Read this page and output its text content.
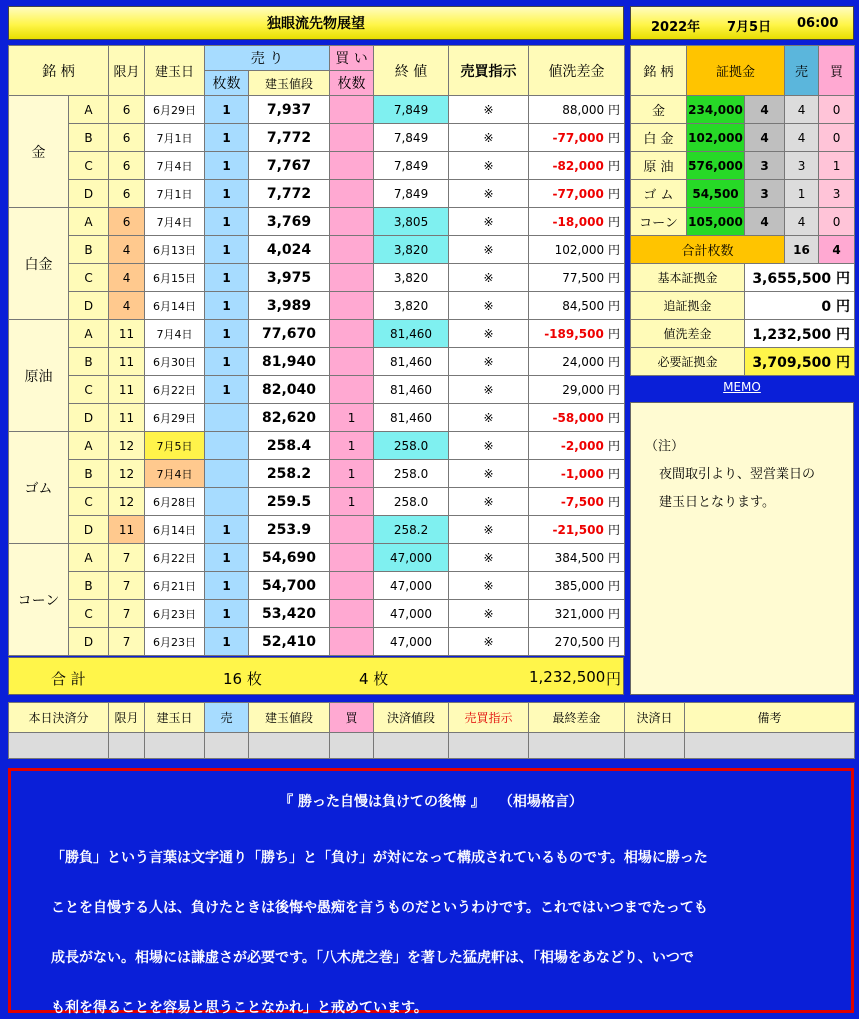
独眼流先物展望	2022年 7月5日 06:00
銘 柄		限月	建玉日	売 り		買 い	終 値	売買指示	値洗差金
				枚数	建玉値段	枚数			
金	A	6	6月29日	1	7,937		7,849	※	88,000 円
	B	6	7月1日	1	7,772		7,849	※	-77,000 円
	C	6	7月4日	1	7,767		7,849	※	-82,000 円
	D	6	7月1日	1	7,772		7,849	※	-77,000 円
白金	A	6	7月4日	1	3,769		3,805	※	-18,000 円
	B	4	6月13日	1	4,024		3,820	※	102,000 円
	C	4	6月15日	1	3,975		3,820	※	77,500 円
	D	4	6月14日	1	3,989		3,820	※	84,500 円
原油	A	11	7月4日	1	77,670		81,460	※	-189,500 円
	B	11	6月30日	1	81,940		81,460	※	24,000 円
	C	11	6月22日	1	82,040		81,460	※	29,000 円
	D	11	6月29日		82,620	1	81,460	※	-58,000 円
ゴム	A	12	7月5日		258.4	1	258.0	※	-2,000 円
	B	12	7月4日		258.2	1	258.0	※	-1,000 円
	C	12	6月28日		259.5	1	258.0	※	-7,500 円
	D	11	6月14日	1	253.9		258.2	※	-21,500 円
コーン	A	7	6月22日	1	54,690		47,000	※	384,500 円
	B	7	6月21日	1	54,700		47,000	※	385,000 円
	C	7	6月23日	1	53,420		47,000	※	321,000 円
	D	7	6月23日	1	52,410		47,000	※	270,500 円
合 計	16 枚	4 枚	1,232,500 円
銘 柄	証拠金		売	買
金	234,000	4	4	0
白 金	102,000	4	4	0
原 油	576,000	3	3	1
ゴ ム	54,500	3	1	3
コーン	105,000	4	4	0
合計枚数			16	4
基本証拠金		3,655,500 円		
追証拠金		0 円		
値洗差金		1,232,500 円		
必要証拠金		3,709,500 円		
MEMO
（注）
夜間取引より、翌営業日の
建玉日となります。
本日決済分	限月	建玉日	売	建玉値段	買	決済値段	売買指示	最終差金	決済日	備考

『 勝った自慢は負けての後悔 』　　（相場格言）
「勝負」という言葉は文字通り「勝ち」と「負け」が対になって構成されているものです。相場に勝った
ことを自慢する人は、負けたときは後悔や愚痴を言うものだというわけです。これではいつまでたっても
成長がない。相場には謙虚さが必要です。「八木虎之巻」を著した猛虎軒は、「相場をあなどり、いつで
も利を得ることを容易と思うことなかれ」と戒めています。
